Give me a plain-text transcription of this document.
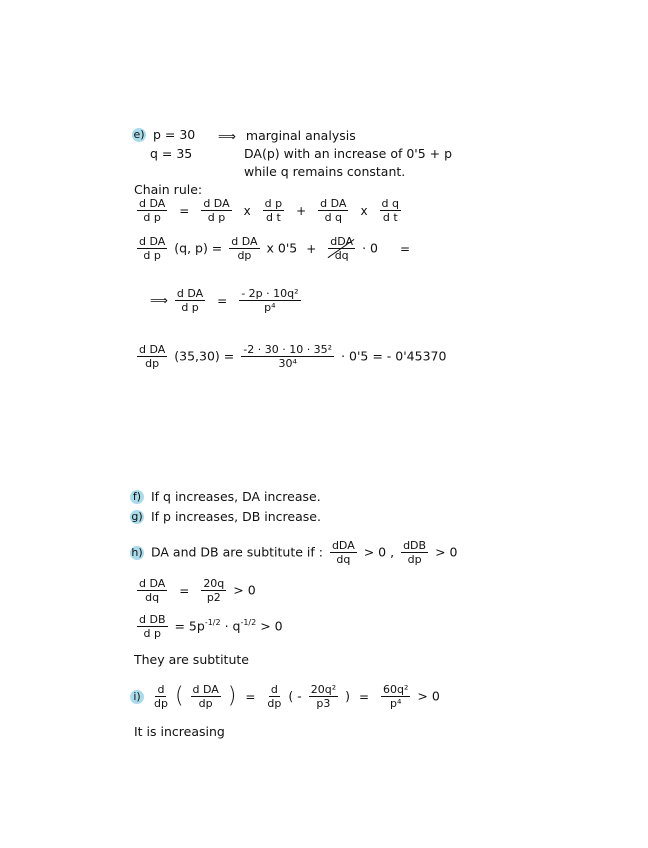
e) p = 30 ⟹ marginal analysis
q = 35	DA(p) with an increase of 0'5 + p
while q remains constant.
Chain rule:
$\frac{\text{d DA}}{\text{d p}} = \frac{\text{d DA}}{\text{d p}}$ x $\frac{\text{d p}}{\text{d t}} + \frac{\text{d DA}}{\text{d q}}$ x $\frac{\text{d q}}{\text{d t}}$
$\frac{\text{d DA}}{\text{d p}} (q$, $p) = \frac{\text{d DA}}{dp}$ x $0'5 + \frac{\text{dDA}}{dq} \cdot 0$ =
⟹ $\frac{\text{d DA}}{\text{d p}} = \frac{\text{- 2p · 10q²}}{\text{p⁴}}$
$\frac{\text{d DA}}{dp} (35,30) = \frac{\text{-2 · 30 · 10 · 35²}}{\text{30⁴}} \cdot 0'5$ = - 0'45370
f) If q increases, DA increase.
g) If p increases, DB increase.
h) DA and DB are subtitute if : $\frac{\text{dDA}}{dq} > 0$ , $\frac{\text{dDB}}{dp} > 0$
$\frac{\text{d DA}}{dq} = \frac{20q}{p2} > 0$
$\frac{\text{d DB}}{\text{d p}} = 5p^{-1/2} \cdot q^{-1/2} > 0$
They are subtitute
$i) \frac{d}{dp}$ ( $\frac{\text{d DA}}{dp}$ ) = $\frac{d}{dp}$ ( - $\frac{\text{20q²}}{p3}$ ) = $\frac{\text{60q²}}{\text{p⁴}} > 0$
It is increasing
